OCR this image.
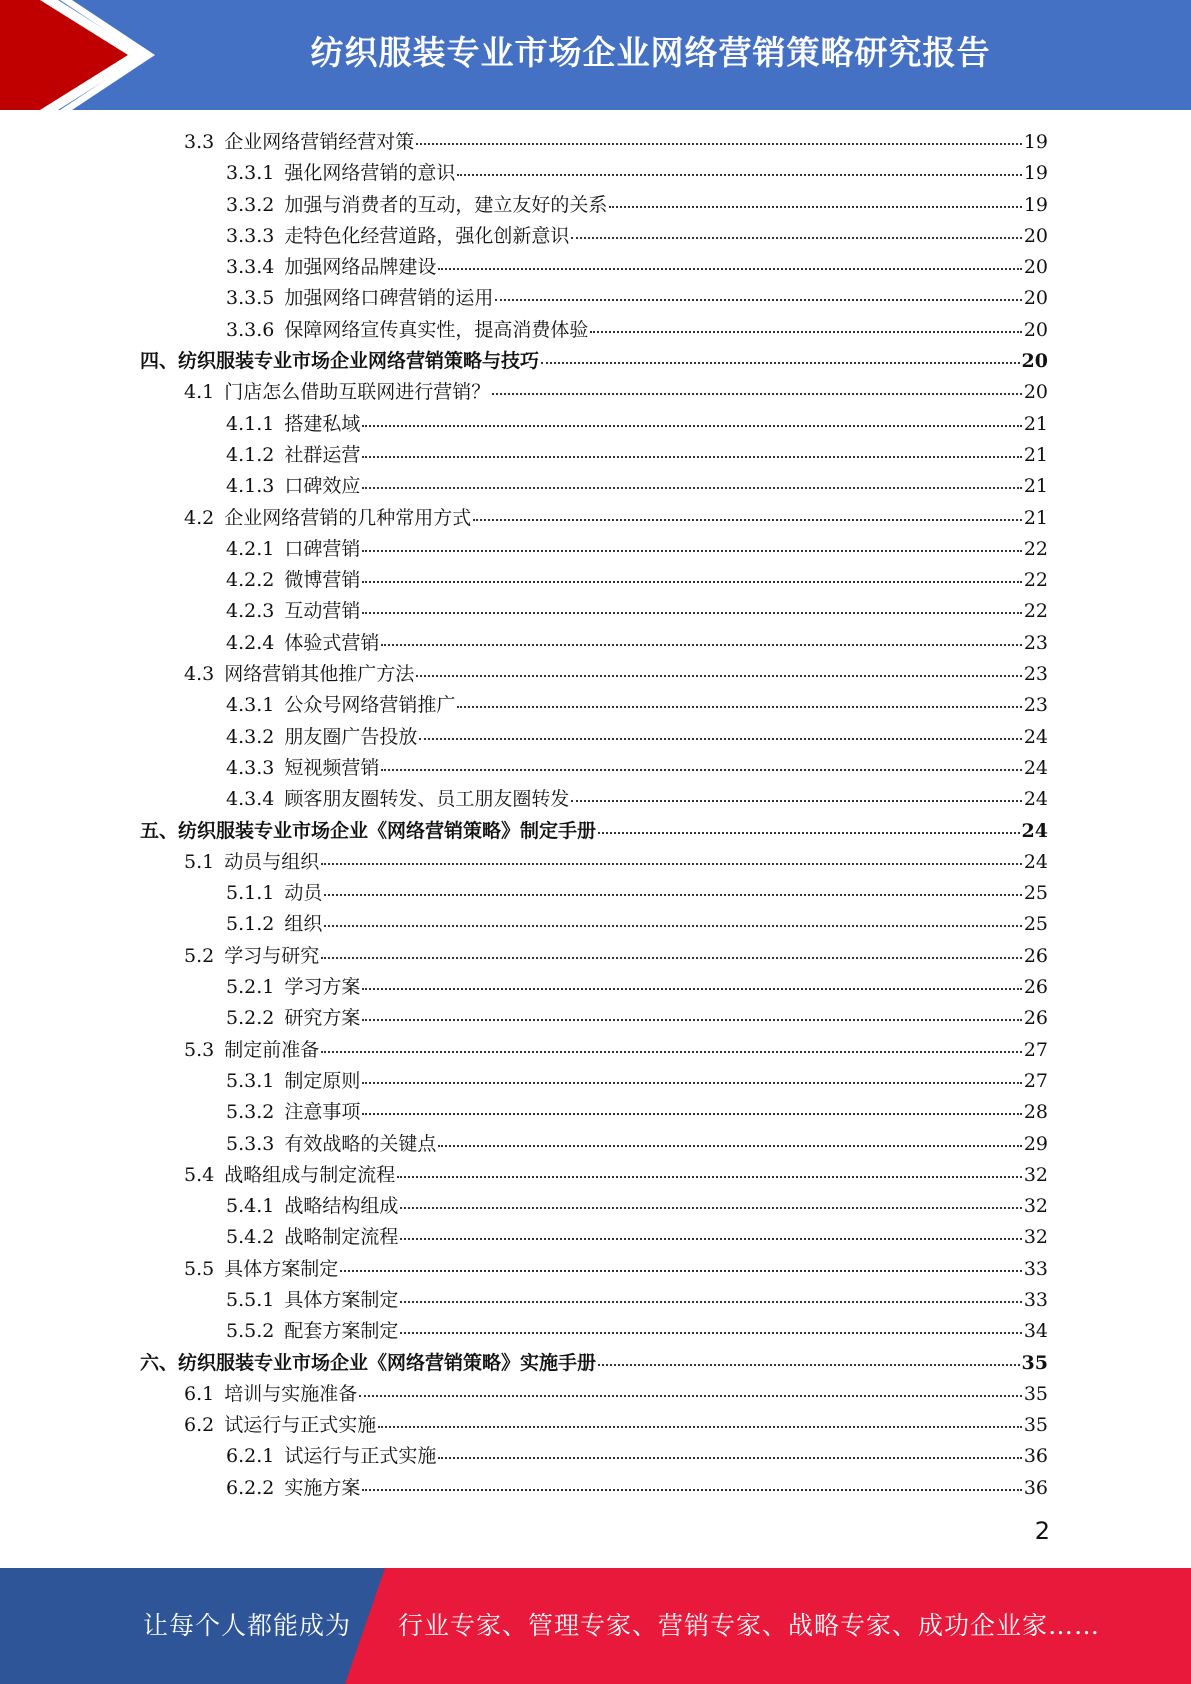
纺织服装专业市场企业网络营销策略研究报告
3.3 企业网络营销经营对策	19
3.3.1 强化网络营销的意识	19
3.3.2 加强与消费者的互动，建立友好的关系	19
3.3.3 走特色化经营道路，强化创新意识	20
3.3.4 加强网络品牌建设	20
3.3.5 加强网络口碑营销的运用	20
3.3.6 保障网络宣传真实性，提高消费体验	20
四、 纺织服装专业市场企业网络营销策略与技巧	20
4.1 门店怎么借助互联网进行营销？	20
4.1.1 搭建私域	21
4.1.2 社群运营	21
4.1.3 口碑效应	21
4.2 企业网络营销的几种常用方式	21
4.2.1 口碑营销	22
4.2.2 微博营销	22
4.2.3 互动营销	22
4.2.4 体验式营销	23
4.3 网络营销其他推广方法	23
4.3.1 公众号网络营销推广	23
4.3.2 朋友圈广告投放	24
4.3.3 短视频营销	24
4.3.4 顾客朋友圈转发、员工朋友圈转发	24
五、 纺织服装专业市场企业《网络营销策略》制定手册	24
5.1 动员与组织	24
5.1.1 动员	25
5.1.2 组织	25
5.2 学习与研究	26
5.2.1 学习方案	26
5.2.2 研究方案	26
5.3 制定前准备	27
5.3.1 制定原则	27
5.3.2 注意事项	28
5.3.3 有效战略的关键点	29
5.4 战略组成与制定流程	32
5.4.1 战略结构组成	32
5.4.2 战略制定流程	32
5.5 具体方案制定	33
5.5.1 具体方案制定	33
5.5.2 配套方案制定	34
六、 纺织服装专业市场企业《网络营销策略》实施手册	35
6.1 培训与实施准备	35
6.2 试运行与正式实施	35
6.2.1 试运行与正式实施	36
6.2.2 实施方案	36
2
让每个人都能成为 行业专家、管理专家、营销专家、战略专家、成功企业家……
